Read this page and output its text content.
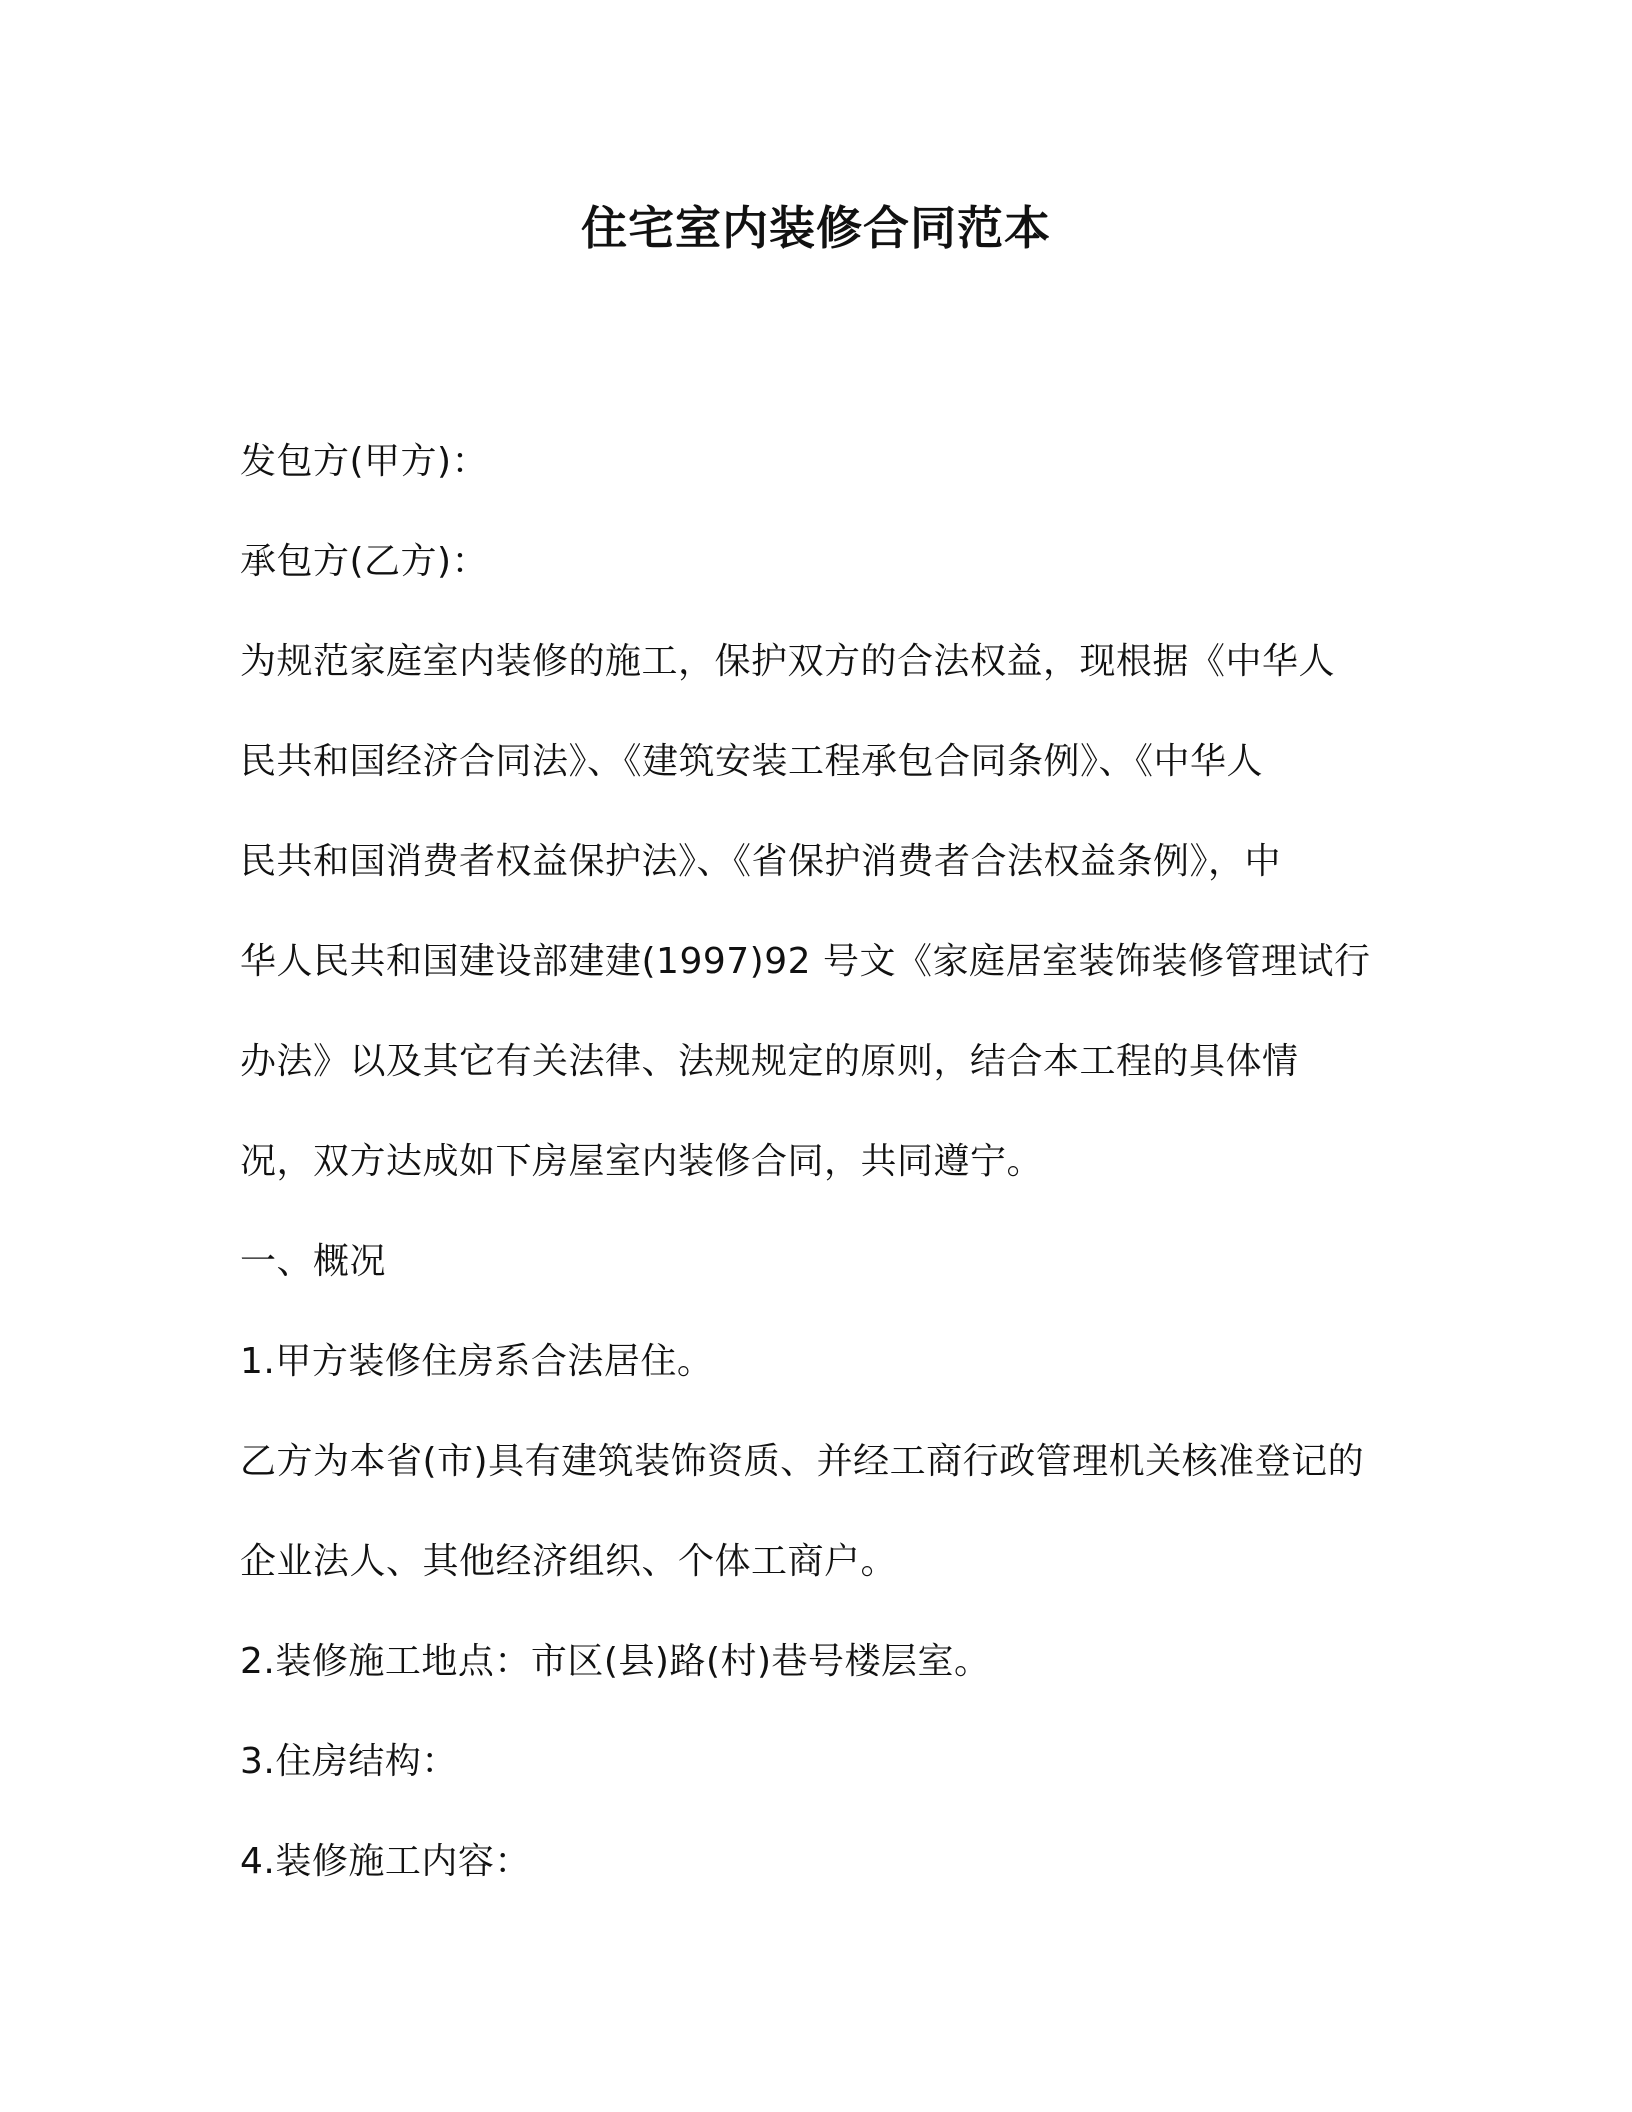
住宅室内装修合同范本
发包方(甲方)：
承包方(乙方)：
为规范家庭室内装修的施工，保护双方的合法权益，现根据《中华人
民共和国经济合同法》、《建筑安装工程承包合同条例》、《中华人
民共和国消费者权益保护法》、《省保护消费者合法权益条例》，中
华人民共和国建设部建建(1997)92 号文《家庭居室装饰装修管理试行
办法》以及其它有关法律、法规规定的原则，结合本工程的具体情
况，双方达成如下房屋室内装修合同，共同遵宁。
一、概况
1.甲方装修住房系合法居住。
乙方为本省(市)具有建筑装饰资质、并经工商行政管理机关核准登记的
企业法人、其他经济组织、个体工商户。
2.装修施工地点：市区(县)路(村)巷号楼层室。
3.住房结构：
4.装修施工内容：
